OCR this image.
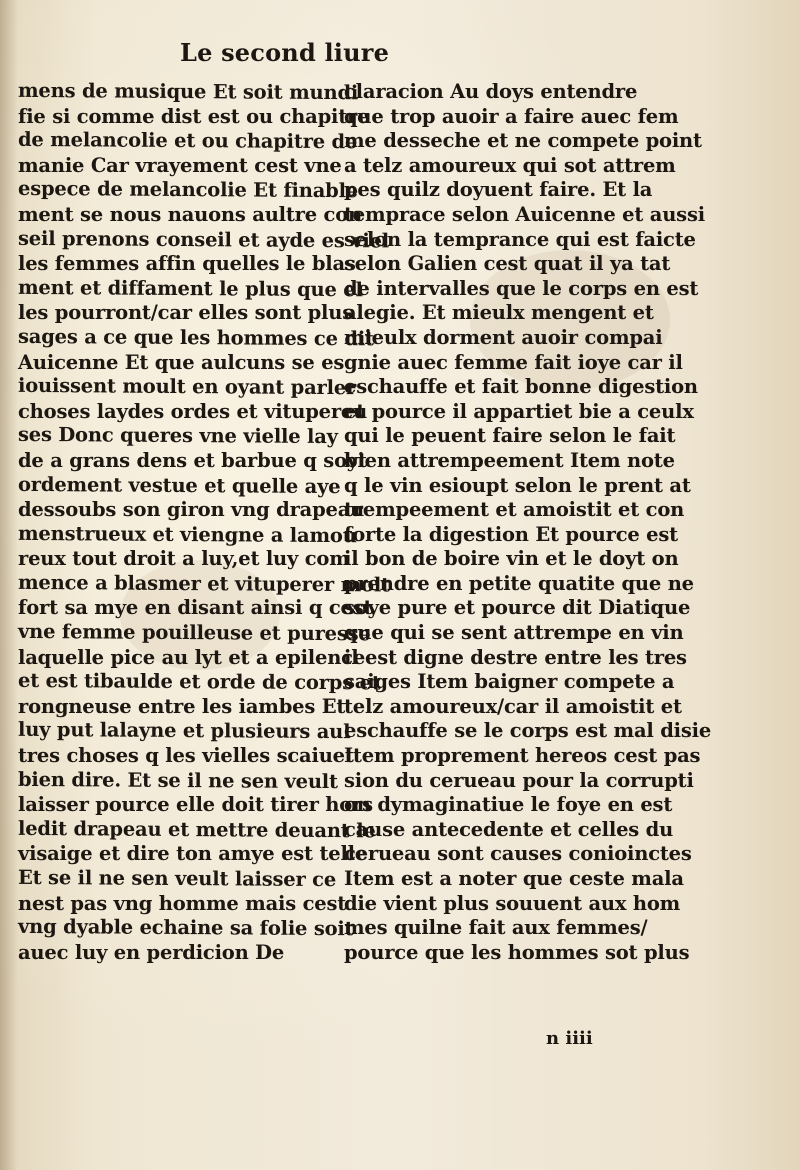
Le second liure
mens de musique Et soit mundi
fie si comme dist est ou chapitre
de melancolie et ou chapitre de
manie Car vrayement cest vne
espece de melancolie Et finable
ment se nous nauons aultre con
seil prenons conseil et ayde es viel
les femmes affin quelles le blas
ment et diffament le plus que el
les pourront/car elles sont plus
sages a ce que les hommes ce dit
Auicenne Et que aulcuns se es
iouissent moult en oyant parler
choses laydes ordes et vitupereu
ses Donc queres vne vielle lay
de a grans dens et barbue q soyt
ordement vestue et quelle aye
dessoubs son giron vng drapeau
menstrueux et viengne a lamou
reux tout droit a luy,et luy com
mence a blasmer et vituperer molt
fort sa mye en disant ainsi q cest
vne femme pouilleuse et puresse
laquelle pice au lyt et a epilence
et est tibaulde et orde de corps et
rongneuse entre les iambes Et
luy put lalayne et plusieurs aul
tres choses q les vielles scaiuet
bien dire. Et se il ne sen veult
laisser pource elle doit tirer hors
ledit drapeau et mettre deuant le
visaige et dire ton amye est telle
Et se il ne sen veult laisser ce
nest pas vng homme mais cest
vng dyable echaine sa folie soit
auec luy en perdicion De
claracion Au doys entendre
que trop auoir a faire auec fem
me desseche et ne compete point
a telz amoureux qui sot attrem
pes quilz doyuent faire. Et la
temprace selon Auicenne et aussi
selon la temprance qui est faicte
selon Galien cest quat il ya tat
de intervalles que le corps en est
alegie. Et mieulx mengent et
mieulx dorment auoir compai
gnie auec femme fait ioye car il
eschauffe et fait bonne digestion
et pource il appartiet bie a ceulx
qui le peuent faire selon le fait
bien attrempeement Item note
q le vin esioupt selon le prent at
trempeement et amoistit et con
forte la digestion Et pource est
il bon de boire vin et le doyt on
prendre en petite quatite que ne
soye pure et pource dit Diatique
que qui se sent attrempe en vin
il est digne destre entre les tres
saiges Item baigner compete a
telz amoureux/car il amoistit et
eschauffe se le corps est mal disie
Item proprement hereos cest pas
sion du cerueau pour la corrupti
on dymaginatiue le foye en est
cause antecedente et celles du
cerueau sont causes conioinctes
Item est a noter que ceste mala
die vient plus souuent aux hom
mes quilne fait aux femmes/
pource que les hommes sot plus
n iiii
